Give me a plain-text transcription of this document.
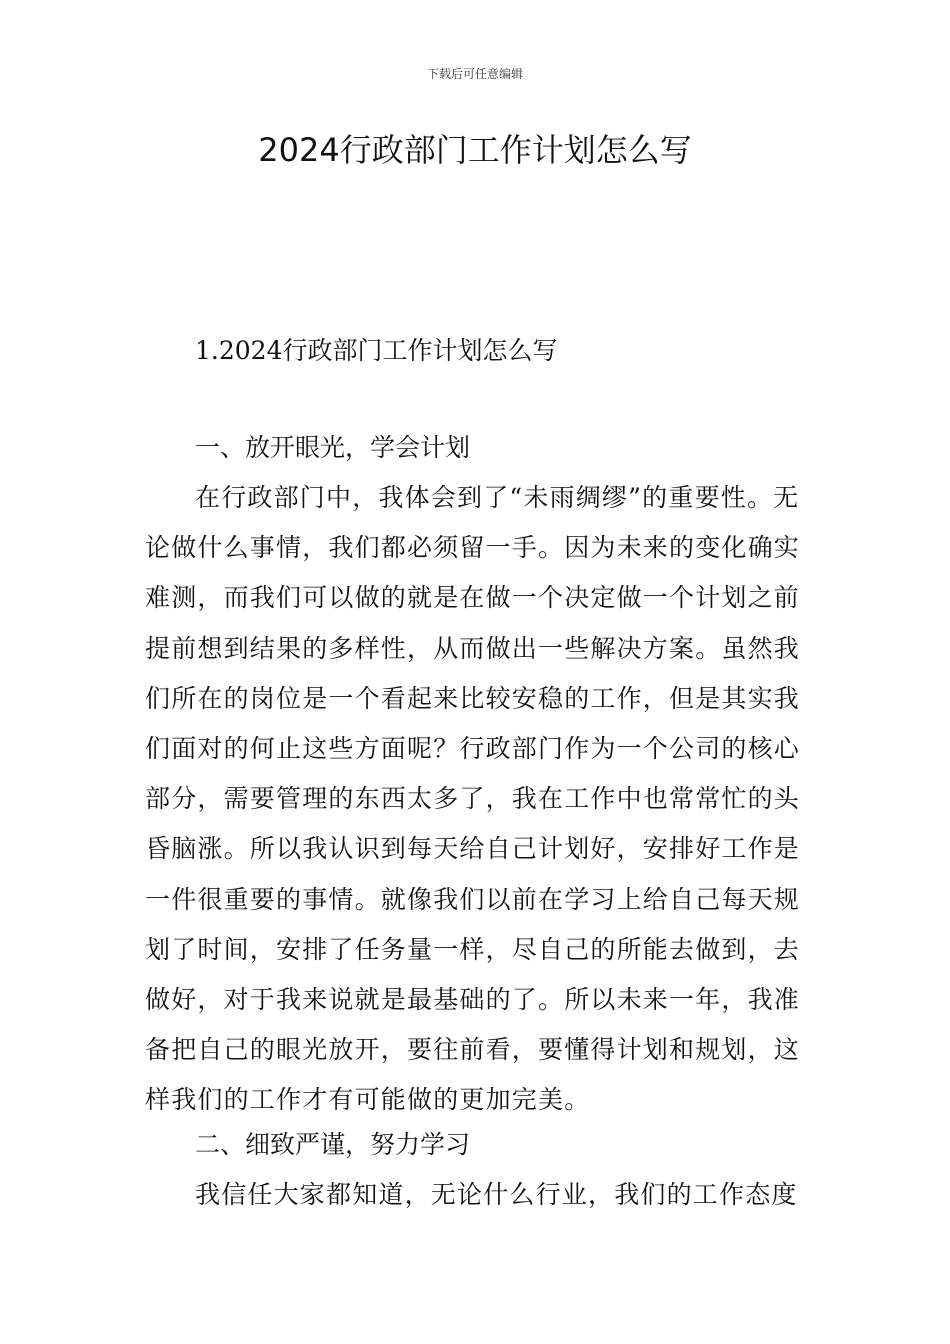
下载后可任意编辑
2024行政部门工作计划怎么写
1.2024行政部门工作计划怎么写
一、放开眼光，学会计划
在行政部门中，我体会到了“未雨绸缪”的重要性。无论做什么事情，我们都必须留一手。因为未来的变化确实难测，而我们可以做的就是在做一个决定做一个计划之前提前想到结果的多样性，从而做出一些解决方案。虽然我们所在的岗位是一个看起来比较安稳的工作，但是其实我们面对的何止这些方面呢？行政部门作为一个公司的核心部分，需要管理的东西太多了，我在工作中也常常忙的头昏脑涨。所以我认识到每天给自己计划好，安排好工作是一件很重要的事情。就像我们以前在学习上给自己每天规划了时间，安排了任务量一样，尽自己的所能去做到，去做好，对于我来说就是最基础的了。所以未来一年，我准备把自己的眼光放开，要往前看，要懂得计划和规划，这样我们的工作才有可能做的更加完美。
二、细致严谨，努力学习
我信任大家都知道，无论什么行业，我们的工作态度
